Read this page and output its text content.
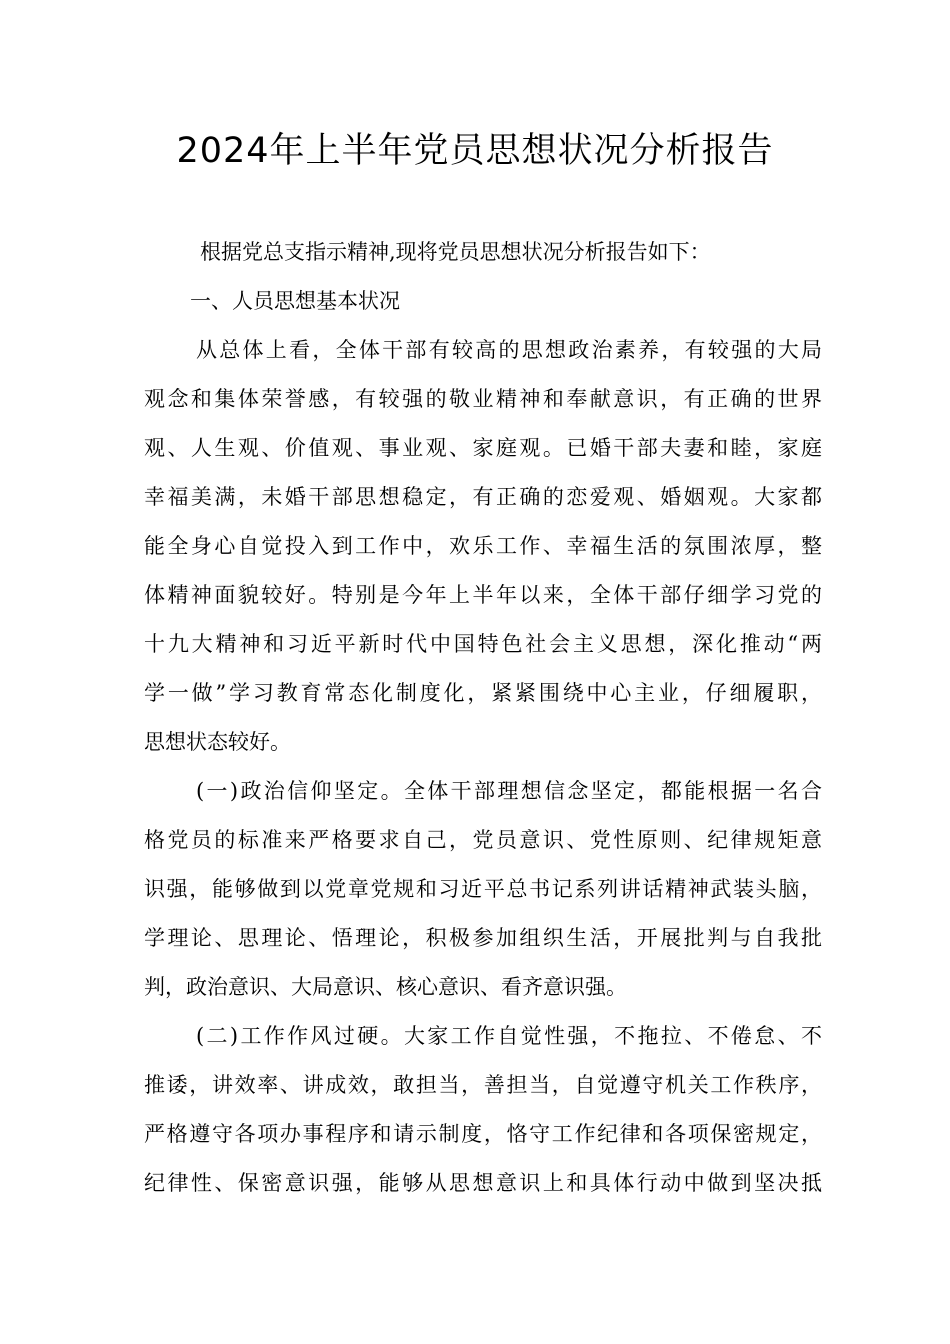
2024年上半年党员思想状况分析报告
根据党总支指示精神,现将党员思想状况分析报告如下：
一、人员思想基本状况
从总体上看，全体干部有较高的思想政治素养，有较强的大局
观念和集体荣誉感，有较强的敬业精神和奉献意识，有正确的世界
观、人生观、价值观、事业观、家庭观。已婚干部夫妻和睦，家庭
幸福美满，未婚干部思想稳定，有正确的恋爱观、婚姻观。大家都
能全身心自觉投入到工作中，欢乐工作、幸福生活的氛围浓厚，整
体精神面貌较好。特别是今年上半年以来，全体干部仔细学习党的
十九大精神和习近平新时代中国特色社会主义思想，深化推动“两
学一做”学习教育常态化制度化，紧紧围绕中心主业，仔细履职，
思想状态较好。
(一)政治信仰坚定。全体干部理想信念坚定，都能根据一名合
格党员的标准来严格要求自己，党员意识、党性原则、纪律规矩意
识强，能够做到以党章党规和习近平总书记系列讲话精神武装头脑，
学理论、思理论、悟理论，积极参加组织生活，开展批判与自我批
判，政治意识、大局意识、核心意识、看齐意识强。
(二)工作作风过硬。大家工作自觉性强，不拖拉、不倦怠、不
推诿，讲效率、讲成效，敢担当，善担当，自觉遵守机关工作秩序，
严格遵守各项办事程序和请示制度，恪守工作纪律和各项保密规定，
纪律性、保密意识强，能够从思想意识上和具体行动中做到坚决抵
